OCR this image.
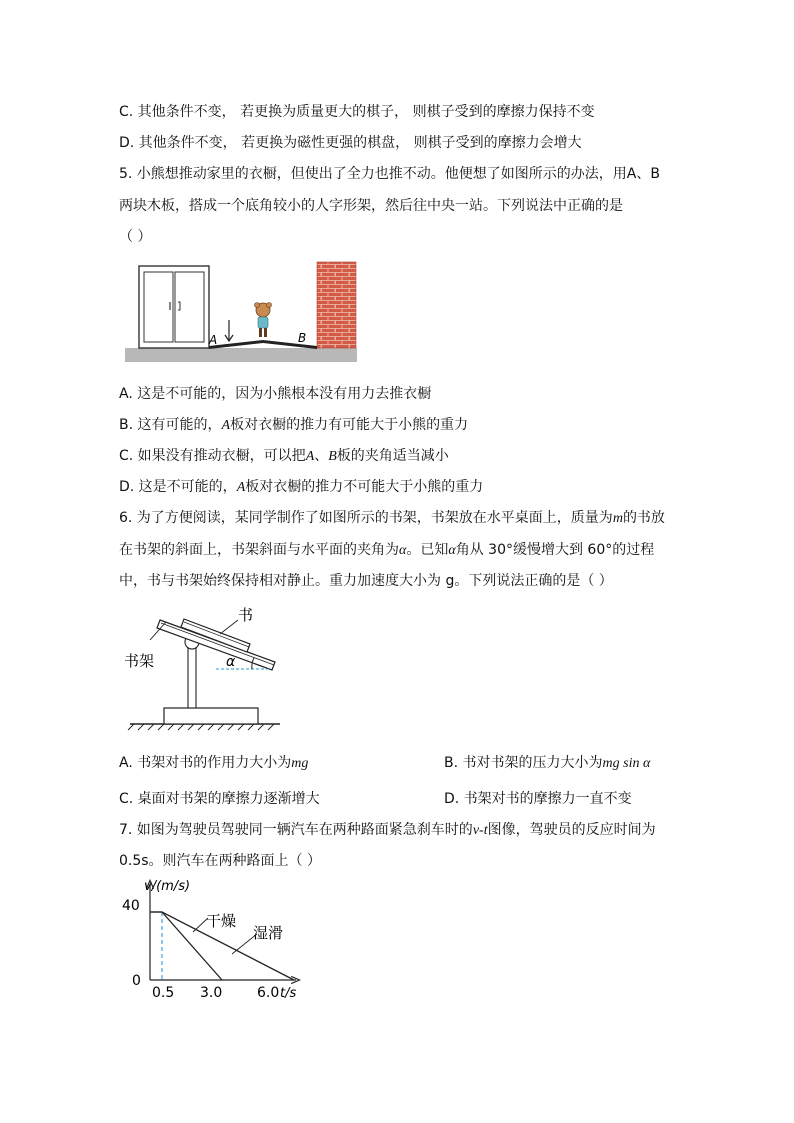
C. 其他条件不变， 若更换为质量更大的棋子， 则棋子受到的摩擦力保持不变
D. 其他条件不变， 若更换为磁性更强的棋盘， 则棋子受到的摩擦力会增大
5. 小熊想推动家里的衣橱，但使出了全力也推不动。他便想了如图所示的办法，用A、B
两块木板，搭成一个底角较小的人字形架，然后往中央一站。下列说法中正确的是
（ ）
A	B
A. 这是不可能的，因为小熊根本没有用力去推衣橱
B. 这有可能的，A板对衣橱的推力有可能大于小熊的重力
C. 如果没有推动衣橱，可以把A、B板的夹角适当减小
D. 这是不可能的，A板对衣橱的推力不可能大于小熊的重力
6. 为了方便阅读，某同学制作了如图所示的书架，书架放在水平桌面上，质量为m的书放
在书架的斜面上，书架斜面与水平面的夹角为α。已知α角从 30°缓慢增大到 60°的过程
中，书与书架始终保持相对静止。重力加速度大小为 g。下列说法正确的是（ ）
书
书架	α
A. 书架对书的作用力大小为mg	B. 书对书架的压力大小为mg sin α
C. 桌面对书架的摩擦力逐渐增大	D. 书架对书的摩擦力一直不变
7. 如图为驾驶员驾驶同一辆汽车在两种路面紧急刹车时的v-t图像，驾驶员的反应时间为
0.5s。则汽车在两种路面上（ ）
v/(m/s)
t/s
40
0
0.5 3.0 6.0
干燥
湿滑
